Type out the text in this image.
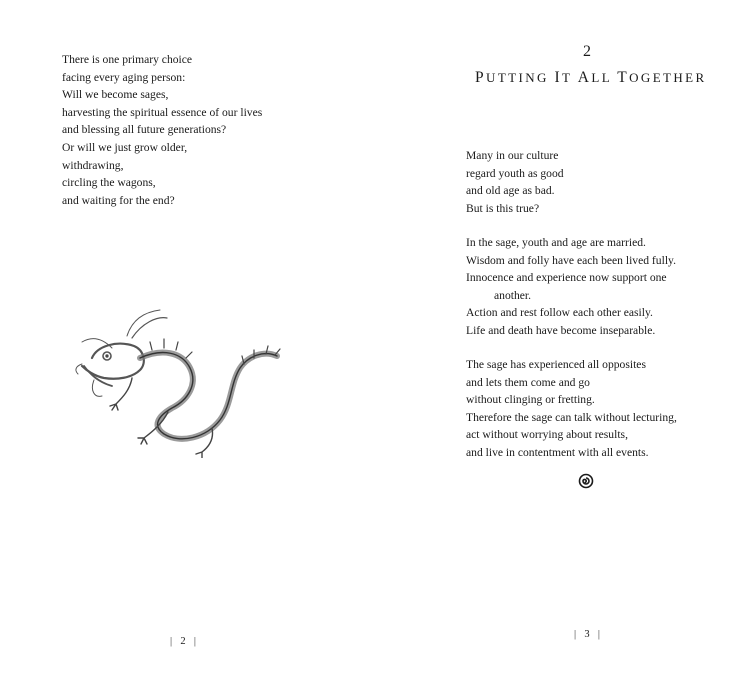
There is one primary choice
facing every aging person:
Will we become sages,
harvesting the spiritual essence of our lives
and blessing all future generations?
Or will we just grow older,
withdrawing,
circling the wagons,
and waiting for the end?
| 2 |
2
PUTTING IT ALL TOGETHER
Many in our culture
regard youth as good
and old age as bad.
But is this true?
In the sage, youth and age are married.
Wisdom and folly have each been lived fully.
Innocence and experience now support one
another.
Action and rest follow each other easily.
Life and death have become inseparable.
The sage has experienced all opposites
and lets them come and go
without clinging or fretting.
Therefore the sage can talk without lecturing,
act without worrying about results,
and live in contentment with all events.
| 3 |
